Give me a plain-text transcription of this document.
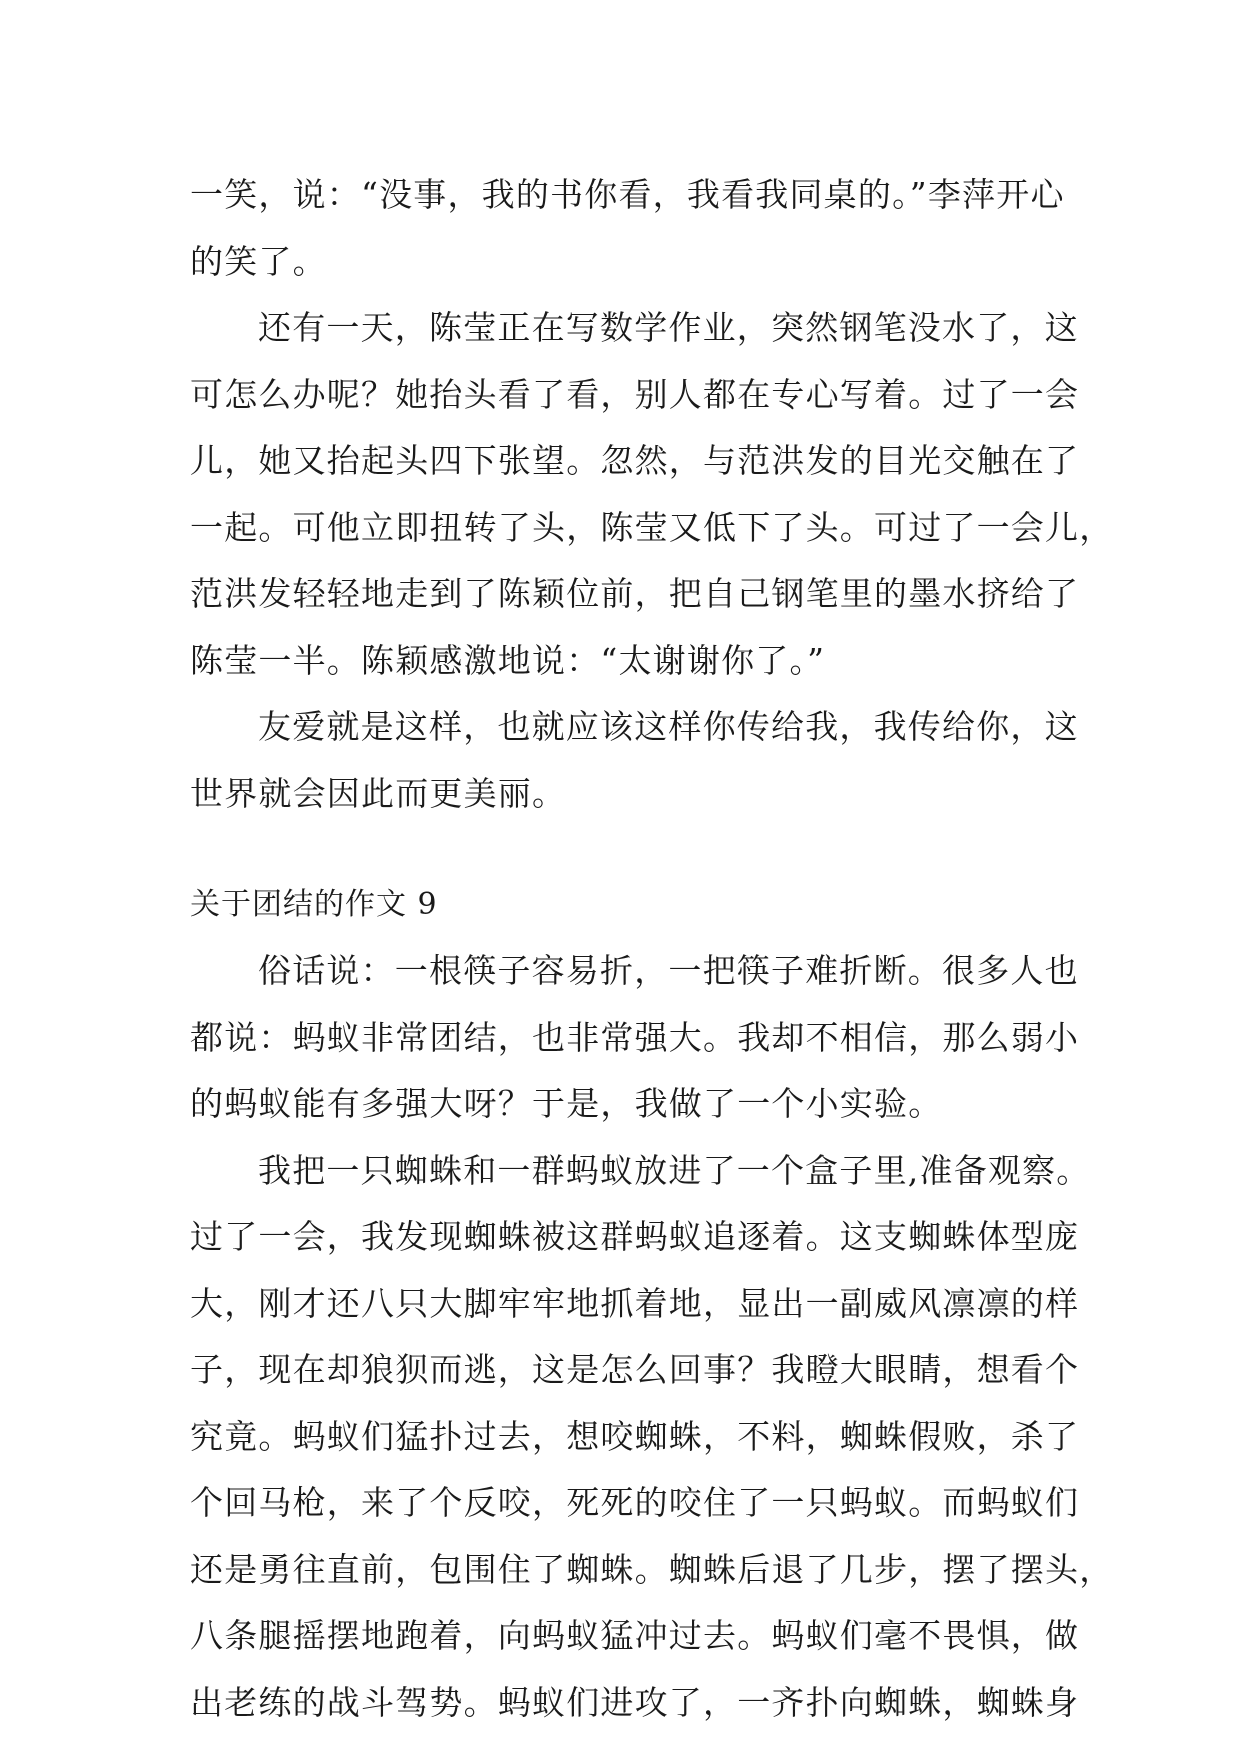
一笑，说：“没事，我的书你看，我看我同桌的。”李萍开心
的笑了。
还有一天，陈莹正在写数学作业，突然钢笔没水了，这
可怎么办呢？她抬头看了看，别人都在专心写着。过了一会
儿，她又抬起头四下张望。忽然，与范洪发的目光交触在了
一起。可他立即扭转了头，陈莹又低下了头。可过了一会儿，
范洪发轻轻地走到了陈颖位前，把自己钢笔里的墨水挤给了
陈莹一半。陈颖感激地说：“太谢谢你了。”
友爱就是这样，也就应该这样你传给我，我传给你，这
世界就会因此而更美丽。
关于团结的作文 9
俗话说：一根筷子容易折，一把筷子难折断。很多人也
都说：蚂蚁非常团结，也非常强大。我却不相信，那么弱小
的蚂蚁能有多强大呀？于是，我做了一个小实验。
我把一只蜘蛛和一群蚂蚁放进了一个盒子里,准备观察。
过了一会，我发现蜘蛛被这群蚂蚁追逐着。这支蜘蛛体型庞
大，刚才还八只大脚牢牢地抓着地，显出一副威风凛凛的样
子，现在却狼狈而逃，这是怎么回事？我瞪大眼睛，想看个
究竟。蚂蚁们猛扑过去，想咬蜘蛛，不料，蜘蛛假败，杀了
个回马枪，来了个反咬，死死的咬住了一只蚂蚁。而蚂蚁们
还是勇往直前，包围住了蜘蛛。蜘蛛后退了几步，摆了摆头，
八条腿摇摆地跑着，向蚂蚁猛冲过去。蚂蚁们毫不畏惧，做
出老练的战斗驾势。蚂蚁们进攻了，一齐扑向蜘蛛，蜘蛛身
